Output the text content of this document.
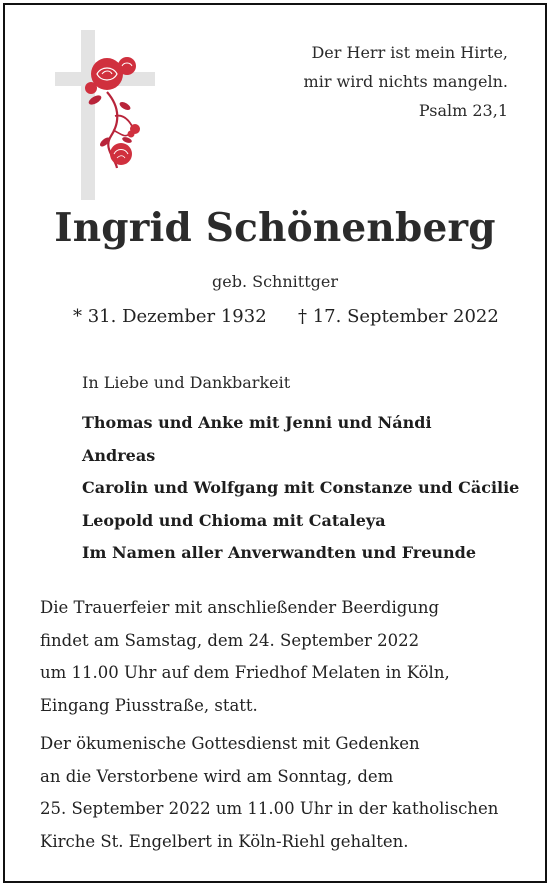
Der Herr ist mein Hirte,
mir wird nichts mangeln.
Psalm 23,1
Ingrid Schönenberg
geb. Schnittger
* 31. Dezember 1932 † 17. September 2022
In Liebe und Dankbarkeit
Thomas und Anke mit Jenni und Nándi
Andreas
Carolin und Wolfgang mit Constanze und Cäcilie
Leopold und Chioma mit Cataleya
Im Namen aller Anverwandten und Freunde
Die Trauerfeier mit anschließender Beerdigung
findet am Samstag, dem 24. September 2022
um 11.00 Uhr auf dem Friedhof Melaten in Köln,
Eingang Piusstraße, statt.
Der ökumenische Gottesdienst mit Gedenken
an die Verstorbene wird am Sonntag, dem
25. September 2022 um 11.00 Uhr in der katholischen
Kirche St. Engelbert in Köln-Riehl gehalten.
